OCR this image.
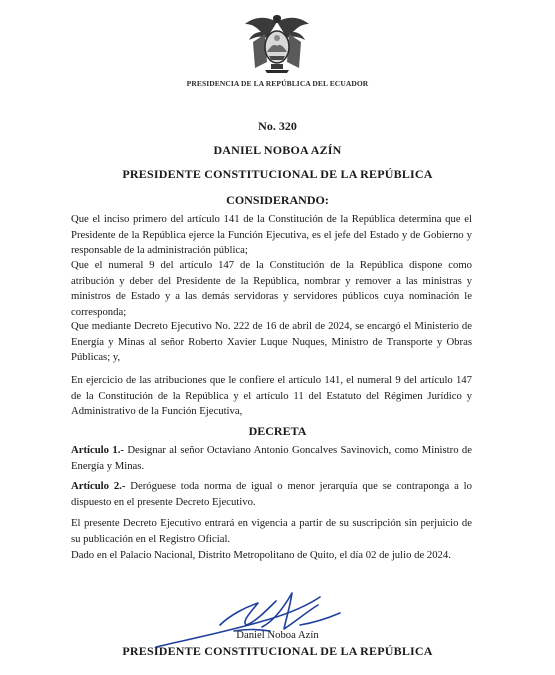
PRESIDENCIA DE LA REPÚBLICA DEL ECUADOR
No. 320
DANIEL NOBOA AZÍN
PRESIDENTE CONSTITUCIONAL DE LA REPÚBLICA
CONSIDERANDO:

Que el inciso primero del artículo 141 de la Constitución de la República determina que el Presidente de la República ejerce la Función Ejecutiva, es el jefe del Estado y de Gobierno y responsable de la administración pública;

Que el numeral 9 del artículo 147 de la Constitución de la República dispone como atribución y deber del Presidente de la República, nombrar y remover a las ministras y ministros de Estado y a las demás servidoras y servidores públicos cuya nominación le corresponda;

Que mediante Decreto Ejecutivo No. 222 de 16 de abril de 2024, se encargó el Ministerio de Energía y Minas al señor Roberto Xavier Luque Nuques, Ministro de Transporte y Obras Públicas; y,

En ejercicio de las atribuciones que le confiere el artículo 141, el numeral 9 del artículo 147 de la Constitución de la República y el artículo 11 del Estatuto del Régimen Jurídico y Administrativo de la Función Ejecutiva,

DECRETA

Artículo 1.- Designar al señor Octaviano Antonio Goncalves Savinovich, como Ministro de Energía y Minas.

Artículo 2.- Deróguese toda norma de igual o menor jerarquía que se contraponga a lo dispuesto en el presente Decreto Ejecutivo.

El presente Decreto Ejecutivo entrará en vigencia a partir de su suscripción sin perjuicio de su publicación en el Registro Oficial.

Dado en el Palacio Nacional, Distrito Metropolitano de Quito, el día 02 de julio de 2024.

Daniel Noboa Azín
PRESIDENTE CONSTITUCIONAL DE LA REPÚBLICA
